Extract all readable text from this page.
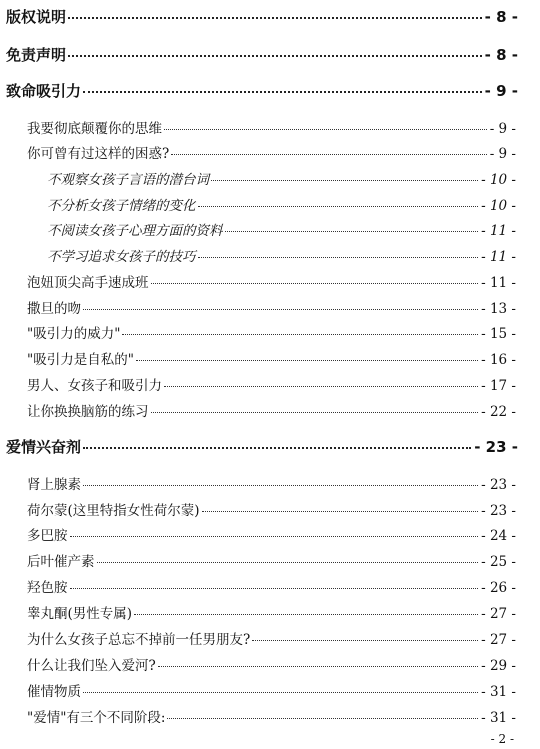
版权说明	- 8 -
免责声明	- 8 -
致命吸引力	- 9 -
我要彻底颠覆你的思维	- 9 -
你可曾有过这样的困惑?	- 9 -
不观察女孩子言语的潜台词	- 10 -
不分析女孩子情绪的变化	- 10 -
不阅读女孩子心理方面的资料	- 11 -
不学习追求女孩子的技巧	- 11 -
泡妞顶尖高手速成班	- 11 -
撒旦的吻	- 13 -
"吸引力的威力"	- 15 -
"吸引力是自私的"	- 16 -
男人、女孩子和吸引力	- 17 -
让你换换脑筋的练习	- 22 -
爱情兴奋剂	- 23 -
肾上腺素	- 23 -
荷尔蒙(这里特指女性荷尔蒙)	- 23 -
多巴胺	- 24 -
后叶催产素	- 25 -
羟色胺	- 26 -
睾丸酮(男性专属)	- 27 -
为什么女孩子总忘不掉前一任男朋友?	- 27 -
什么让我们坠入爱河?	- 29 -
催情物质	- 31 -
"爱情"有三个不同阶段:	- 31 -
- 2 -
